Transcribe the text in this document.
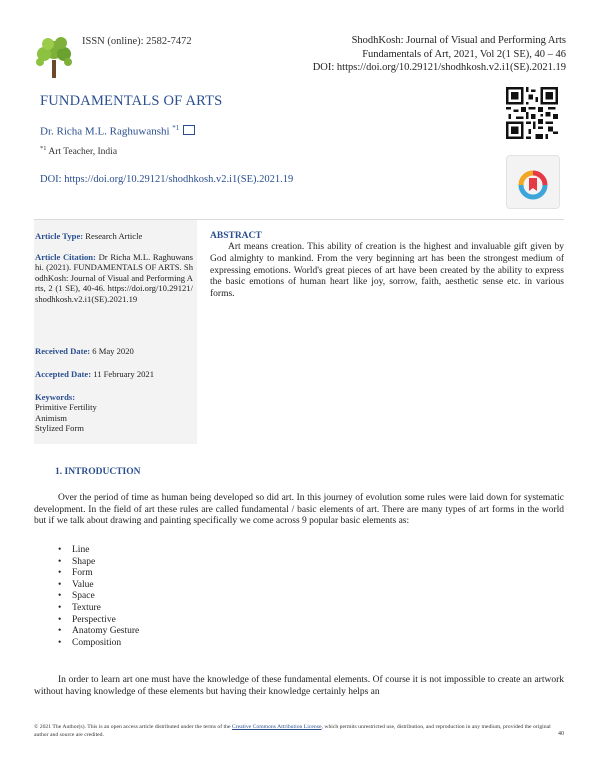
ISSN (online): 2582-7472	ShodhKosh: Journal of Visual and Performing Arts
Fundamentals of Art, 2021, Vol 2(1 SE), 40 – 46
DOI: https://doi.org/10.29121/shodhkosh.v2.i1(SE).2021.19
FUNDAMENTALS OF ARTS
Dr. Richa M.L. Raghuwanshi $^{*1}$
$^{*1}$ Art Teacher, India
DOI: https://doi.org/10.29121/shodhkosh.v2.i1(SE).2021.19
Article Type: Research Article
Article Citation: Dr Richa M.L. Raghuwanshi. (2021). FUNDAMENTALS OF ARTS. ShodhKosh: Journal of Visual and Performing Arts, 2 (1 SE), 40-46. https://doi.org/10.29121/shodhkosh.v2.i1(SE).2021.19
Received Date: 6 May 2020
Accepted Date: 11 February 2021
Keywords:
Primitive Fertility
Animism
Stylized Form
ABSTRACT
Art means creation. This ability of creation is the highest and invaluable gift given by God almighty to mankind. From the very beginning art has been the strongest medium of expressing emotions. World's great pieces of art have been created by the ability to express the basic emotions of human heart like joy, sorrow, faith, aesthetic sense etc. in various forms.
1. INTRODUCTION
Over the period of time as human being developed so did art. In this journey of evolution some rules were laid down for systematic development. In the field of art these rules are called fundamental / basic elements of art. There are many types of art forms in the world but if we talk about drawing and painting specifically we come across 9 popular basic elements as:
• Line
• Shape
• Form
• Value
• Space
• Texture
• Perspective
• Anatomy Gesture
• Composition
In order to learn art one must have the knowledge of these fundamental elements. Of course it is not impossible to create an artwork without having knowledge of these elements but having their knowledge certainly helps an
© 2021 The Author(s). This is an open access article distributed under the terms of the Creative Commons Attribution License, which permits unrestricted use, distribution, and reproduction in any medium, provided the original author and source are credited.	40
